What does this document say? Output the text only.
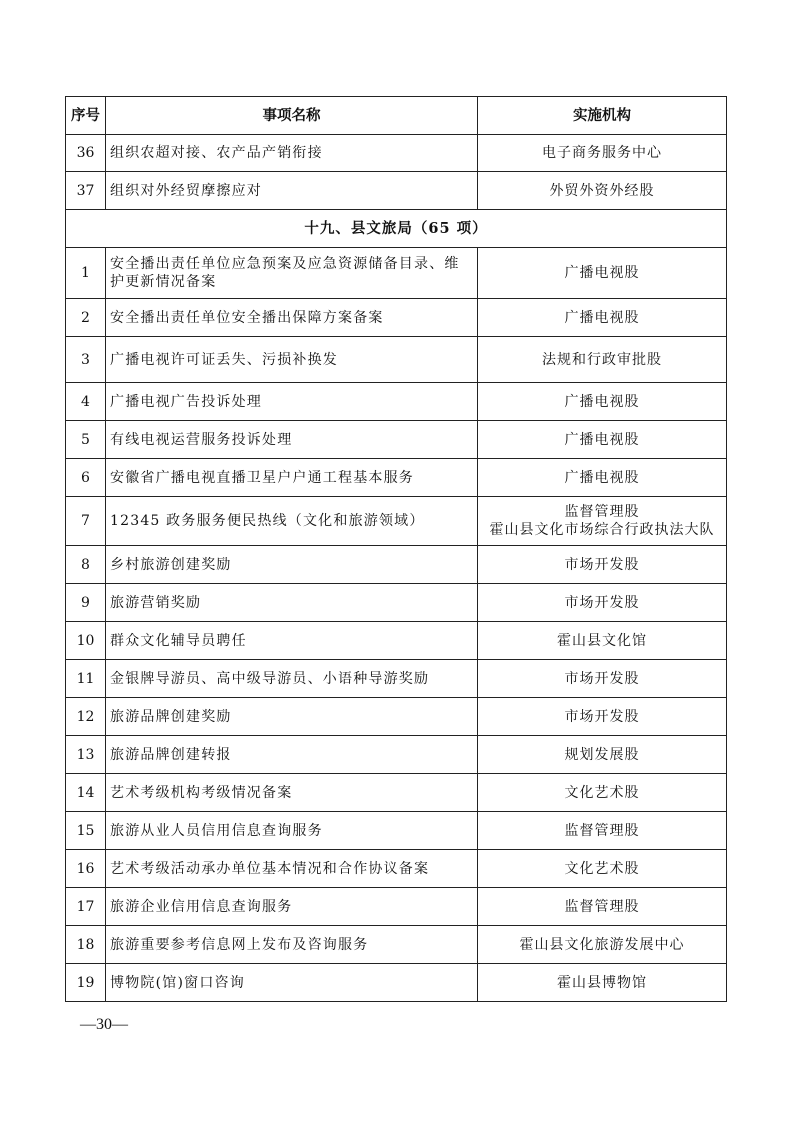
序号	事项名称	实施机构
36	组织农超对接、农产品产销衔接	电子商务服务中心
37	组织对外经贸摩擦应对	外贸外资外经股
十九、县文旅局（65 项）		
1	安全播出责任单位应急预案及应急资源储备目录、维护更新情况备案	广播电视股
2	安全播出责任单位安全播出保障方案备案	广播电视股
3	广播电视许可证丢失、污损补换发	法规和行政审批股
4	广播电视广告投诉处理	广播电视股
5	有线电视运营服务投诉处理	广播电视股
6	安徽省广播电视直播卫星户户通工程基本服务	广播电视股
7	12345 政务服务便民热线（文化和旅游领域）	监督管理股
霍山县文化市场综合行政执法大队

8	乡村旅游创建奖励	市场开发股
9	旅游营销奖励	市场开发股
10	群众文化辅导员聘任	霍山县文化馆
11	金银牌导游员、高中级导游员、小语种导游奖励	市场开发股
12	旅游品牌创建奖励	市场开发股
13	旅游品牌创建转报	规划发展股
14	艺术考级机构考级情况备案	文化艺术股
15	旅游从业人员信用信息查询服务	监督管理股
16	艺术考级活动承办单位基本情况和合作协议备案	文化艺术股
17	旅游企业信用信息查询服务	监督管理股
18	旅游重要参考信息网上发布及咨询服务	霍山县文化旅游发展中心
19	博物院(馆)窗口咨询	霍山县博物馆
—30—
